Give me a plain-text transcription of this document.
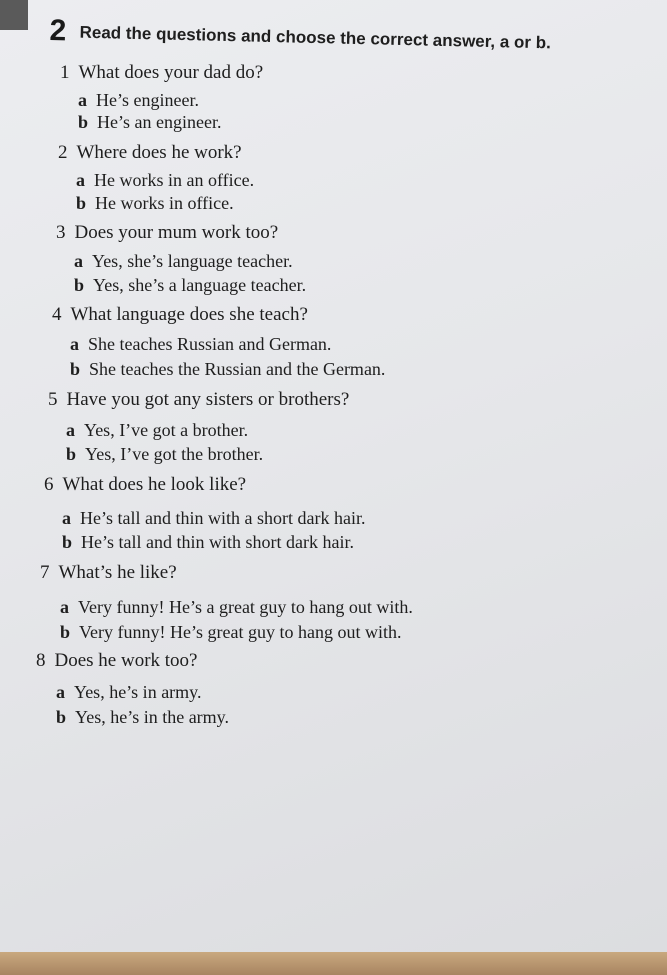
2 Read the questions and choose the correct answer, a or b.
1 What does your dad do?
a He’s engineer.
b He’s an engineer.
2 Where does he work?
a He works in an office.
b He works in office.
3 Does your mum work too?
a Yes, she’s language teacher.
b Yes, she’s a language teacher.
4 What language does she teach?
a She teaches Russian and German.
b She teaches the Russian and the German.
5 Have you got any sisters or brothers?
a Yes, I’ve got a brother.
b Yes, I’ve got the brother.
6 What does he look like?
a He’s tall and thin with a short dark hair.
b He’s tall and thin with short dark hair.
7 What’s he like?
a Very funny! He’s a great guy to hang out with.
b Very funny! He’s great guy to hang out with.
8 Does he work too?
a Yes, he’s in army.
b Yes, he’s in the army.
